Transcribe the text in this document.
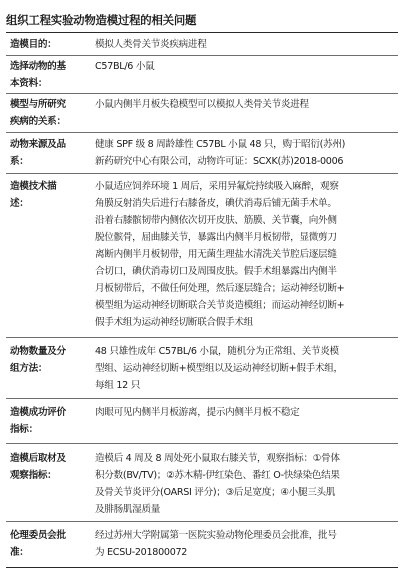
组织工程实验动物造模过程的相关问题
造模目的：	模拟人类骨关节炎疾病进程
选择动物的基
本资料：
C57BL/6 小鼠
模型与所研究
疾病的关系：
小鼠内侧半月板失稳模型可以模拟人类骨关节炎进程
动物来源及品
系：
健康 SPF 级 8 周龄雄性 C57BL 小鼠 48 只，购于昭衍(苏州)
新药研究中心有限公司，动物许可证：SCXK(苏)2018-0006
造模技术描
述：
小鼠适应饲养环境 1 周后，采用异氟烷持续吸入麻醉，观察
角膜反射消失后进行右膝备皮，碘伏消毒后铺无菌手术单。
沿着右膝髌韧带内侧依次切开皮肤、筋膜、关节囊，向外侧
脱位髌骨，屈曲膝关节，暴露出内侧半月板韧带，显微剪刀
离断内侧半月板韧带，用无菌生理盐水清洗关节腔后逐层缝
合切口，碘伏消毒切口及周围皮肤。假手术组暴露出内侧半
月板韧带后，不做任何处理，然后逐层缝合；运动神经切断+
模型组为运动神经切断联合关节炎造模组；而运动神经切断+
假手术组为运动神经切断联合假手术组
动物数量及分
组方法：
48 只雄性成年 C57BL/6 小鼠，随机分为正常组、关节炎模
型组、运动神经切断+模型组以及运动神经切断+假手术组，
每组 12 只
造模成功评价
指标：
肉眼可见内侧半月板游离，提示内侧半月板不稳定
造模后取材及
观察指标：
造模后 4 周及 8 周处死小鼠取右膝关节，观察指标：①骨体
积分数(BV/TV)；②苏木精-伊红染色、番红 O-快绿染色结果
及骨关节炎评分(OARSI 评分)；③后足宽度；④小腿三头肌
及腓肠肌湿质量
伦理委员会批
准：
经过苏州大学附属第一医院实验动物伦理委员会批准，批号
为 ECSU-201800072
